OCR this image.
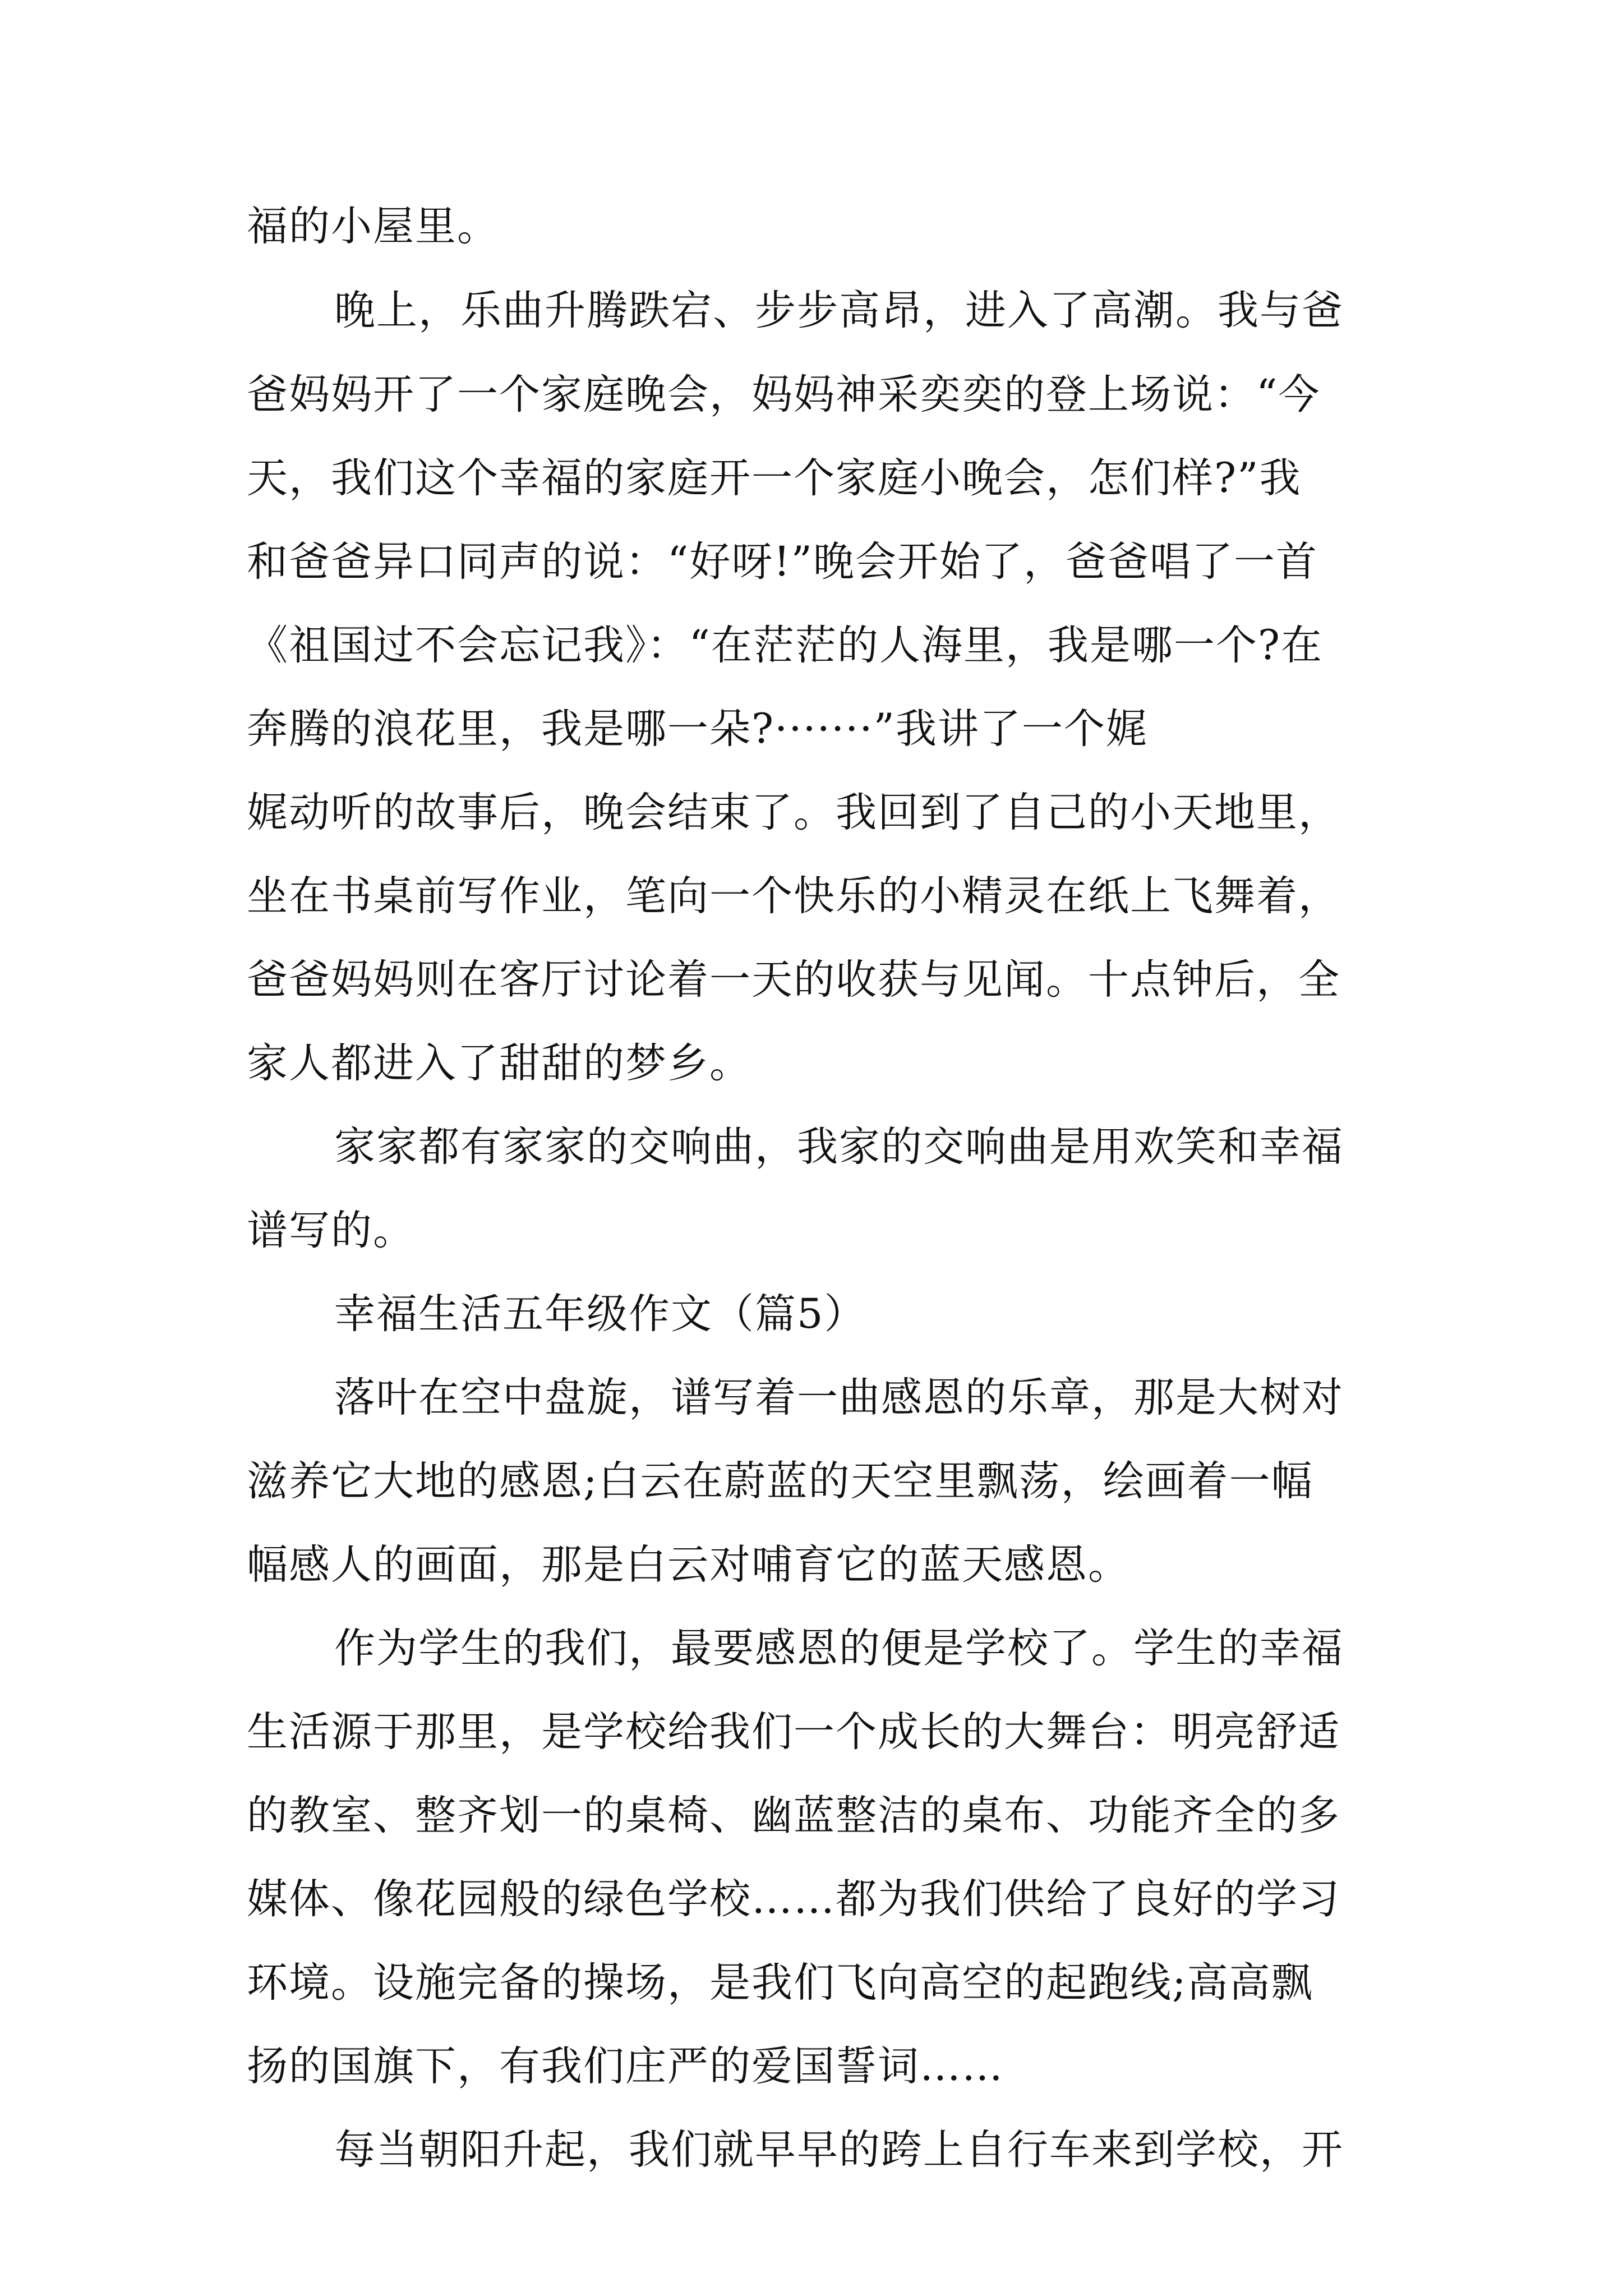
福的小屋里。

晚上，乐曲升腾跌宕、步步高昂，进入了高潮。我与爸

爸妈妈开了一个家庭晚会，妈妈神采奕奕的登上场说：“今

天，我们这个幸福的家庭开一个家庭小晚会，怎们样?”我

和爸爸异口同声的说：“好呀!”晚会开始了，爸爸唱了一首

《祖国过不会忘记我》：“在茫茫的人海里，我是哪一个?在

奔腾的浪花里，我是哪一朵?·······”我讲了一个娓

娓动听的故事后，晚会结束了。我回到了自己的小天地里，

坐在书桌前写作业，笔向一个快乐的小精灵在纸上飞舞着，

爸爸妈妈则在客厅讨论着一天的收获与见闻。十点钟后，全

家人都进入了甜甜的梦乡。

家家都有家家的交响曲，我家的交响曲是用欢笑和幸福

谱写的。

幸福生活五年级作文（篇5）

落叶在空中盘旋，谱写着一曲感恩的乐章，那是大树对

滋养它大地的感恩;白云在蔚蓝的天空里飘荡，绘画着一幅

幅感人的画面，那是白云对哺育它的蓝天感恩。

作为学生的我们，最要感恩的便是学校了。学生的幸福

生活源于那里，是学校给我们一个成长的大舞台：明亮舒适

的教室、整齐划一的桌椅、幽蓝整洁的桌布、功能齐全的多

媒体、像花园般的绿色学校……都为我们供给了良好的学习

环境。设施完备的操场，是我们飞向高空的起跑线;高高飘

扬的国旗下，有我们庄严的爱国誓词……

每当朝阳升起，我们就早早的跨上自行车来到学校，开
